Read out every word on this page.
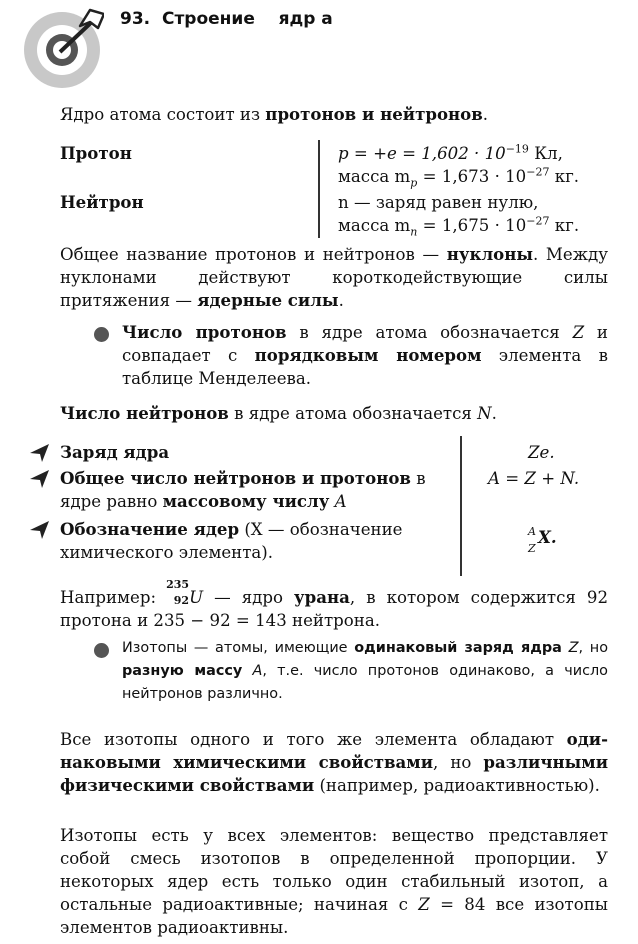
93. Строение ядр а
Ядро атома состоит из протонов и нейтронов.
Протон
Нейтрон
$p = +e = 1,602 \cdot 10^{-19}$ Кл,
масса $m_p = 1,673 \cdot 10^{-27}$ кг.
n — заряд равен нулю,
масса $m_n = 1,675 \cdot 10^{-27}$ кг.
Общее название протонов и нейтронов — нуклоны. Между нуклонами действуют короткодействующие силы притяжения — ядерные силы.
Число протонов в ядре атома обозначается Z и совпадает с порядковым номером элемента в таблице Менделеева.
Число нейтронов в ядре атома обозначается N.
Заряд ядра
Общее число нейтронов и протонов в ядре равно массовому числу A
Обозначение ядер (X — обозначение химического элемента).
Ze.
A = Z + N.
A
Z
X.
Например:
235
92 U — ядро урана, в котором содержится 92 протона и 235 − 92 = 143 нейтрона.
Изотопы — атомы, имеющие одинаковый заряд ядра Z, но разную массу A, т.е. число протонов одинаково, а число нейтронов различно.
Все изотопы одного и того же элемента обладают одинаковыми химическими свойствами, но различными физическими свойствами (например, радиоактивностью).
Изотопы есть у всех элементов: вещество представляет собой смесь изотопов в определенной пропорции. У некоторых ядер есть только один стабильный изотоп, а остальные радиоактивные; начиная с Z = 84 все изотопы элементов радиоактивны.
